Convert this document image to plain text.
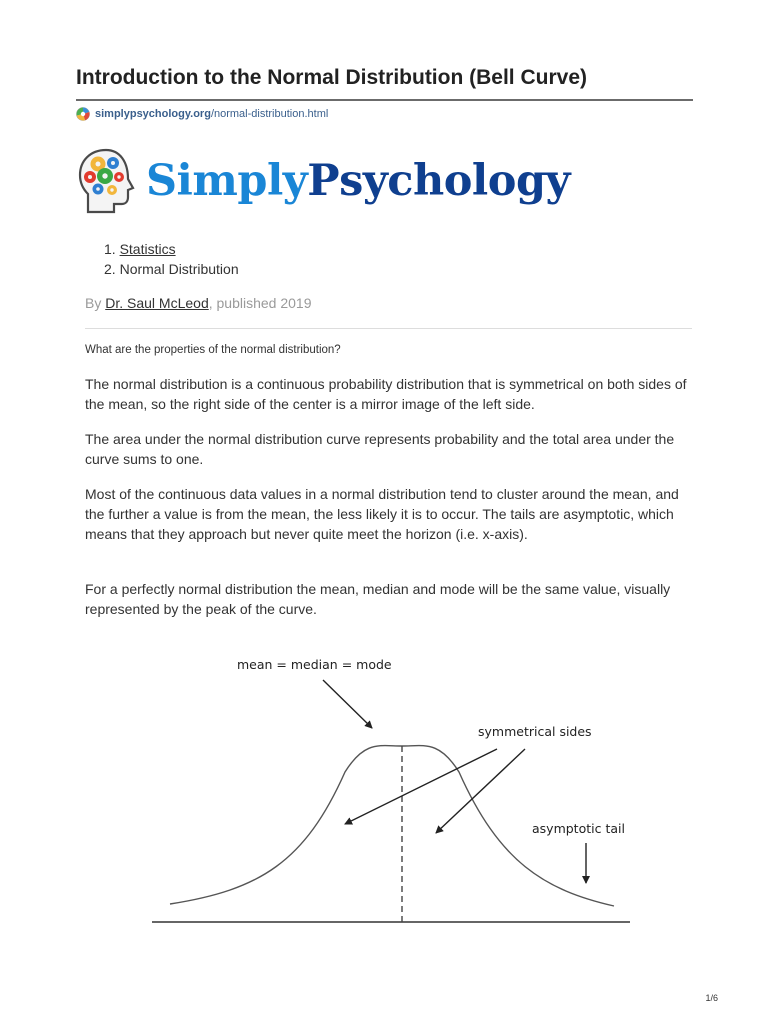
Introduction to the Normal Distribution (Bell Curve)
simplypsychology.org /normal-distribution.html
SimplyPsychology
1. Statistics
2. Normal Distribution
By Dr. Saul McLeod, published 2019
What are the properties of the normal distribution?

The normal distribution is a continuous probability distribution that is symmetrical on both sides of the mean, so the right side of the center is a mirror image of the left side.

The area under the normal distribution curve represents probability and the total area under the curve sums to one.

Most of the continuous data values in a normal distribution tend to cluster around the mean, and the further a value is from the mean, the less likely it is to occur. The tails are asymptotic, which means that they approach but never quite meet the horizon (i.e. x-axis).

For a perfectly normal distribution the mean, median and mode will be the same value, visually represented by the peak of the curve.

mean = median = mode
symmetrical sides
asymptotic tail
1/6
